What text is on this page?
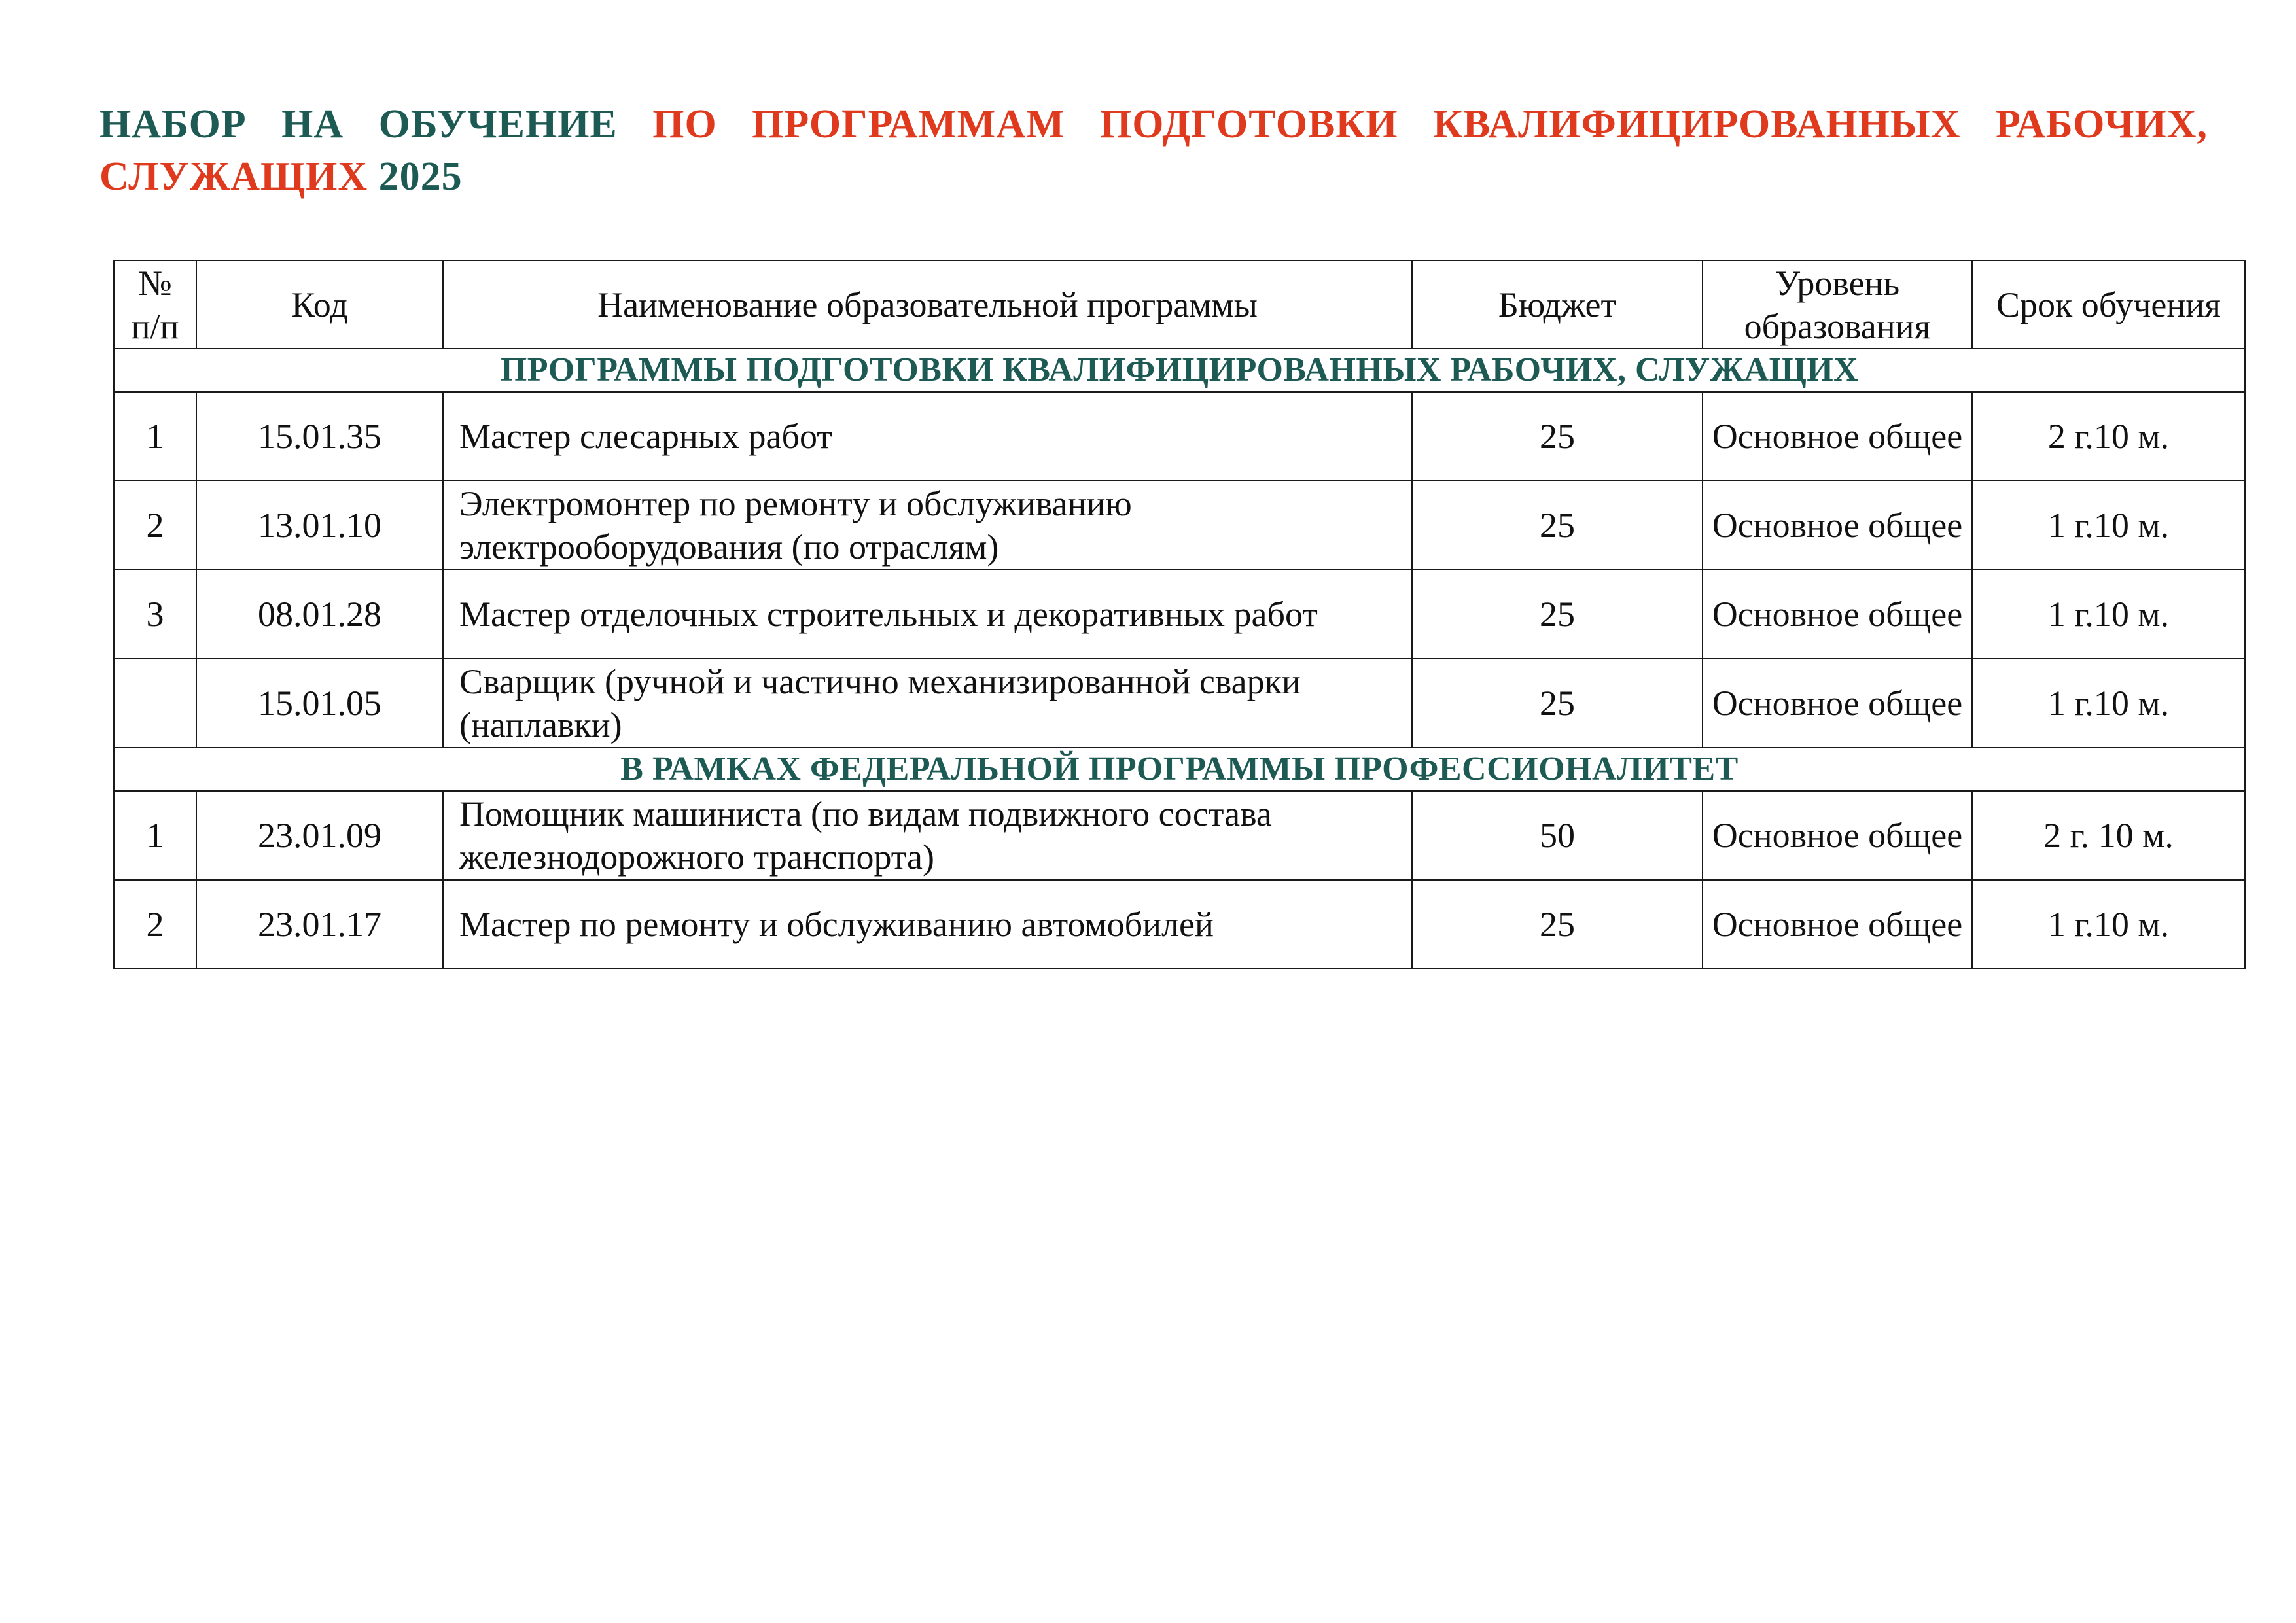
НАБОР НА ОБУЧЕНИЕ ПО ПРОГРАММАМ ПОДГОТОВКИ КВАЛИФИЦИРОВАННЫХ РАБОЧИХ, СЛУЖАЩИХ 2025
№ п/п	Код	Наименование образовательной программы	Бюджет	Уровень образования	Срок обучения
ПРОГРАММЫ ПОДГОТОВКИ КВАЛИФИЦИРОВАННЫХ РАБОЧИХ, СЛУЖАЩИХ					
1	15.01.35	Мастер слесарных работ	25	Основное общее	2 г.10 м.
2	13.01.10	Электромонтер по ремонту и обслуживанию электрооборудования (по отраслям)	25	Основное общее	1 г.10 м.
3	08.01.28	Мастер отделочных строительных и декоративных работ	25	Основное общее	1 г.10 м.
	15.01.05	Сварщик (ручной и частично механизированной сварки (наплавки)	25	Основное общее	1 г.10 м.
В РАМКАХ ФЕДЕРАЛЬНОЙ ПРОГРАММЫ ПРОФЕССИОНАЛИТЕТ					
1	23.01.09	Помощник машиниста (по видам подвижного состава железнодорожного транспорта)	50	Основное общее	2 г. 10 м.
2	23.01.17	Мастер по ремонту и обслуживанию автомобилей	25	Основное общее	1 г.10 м.
